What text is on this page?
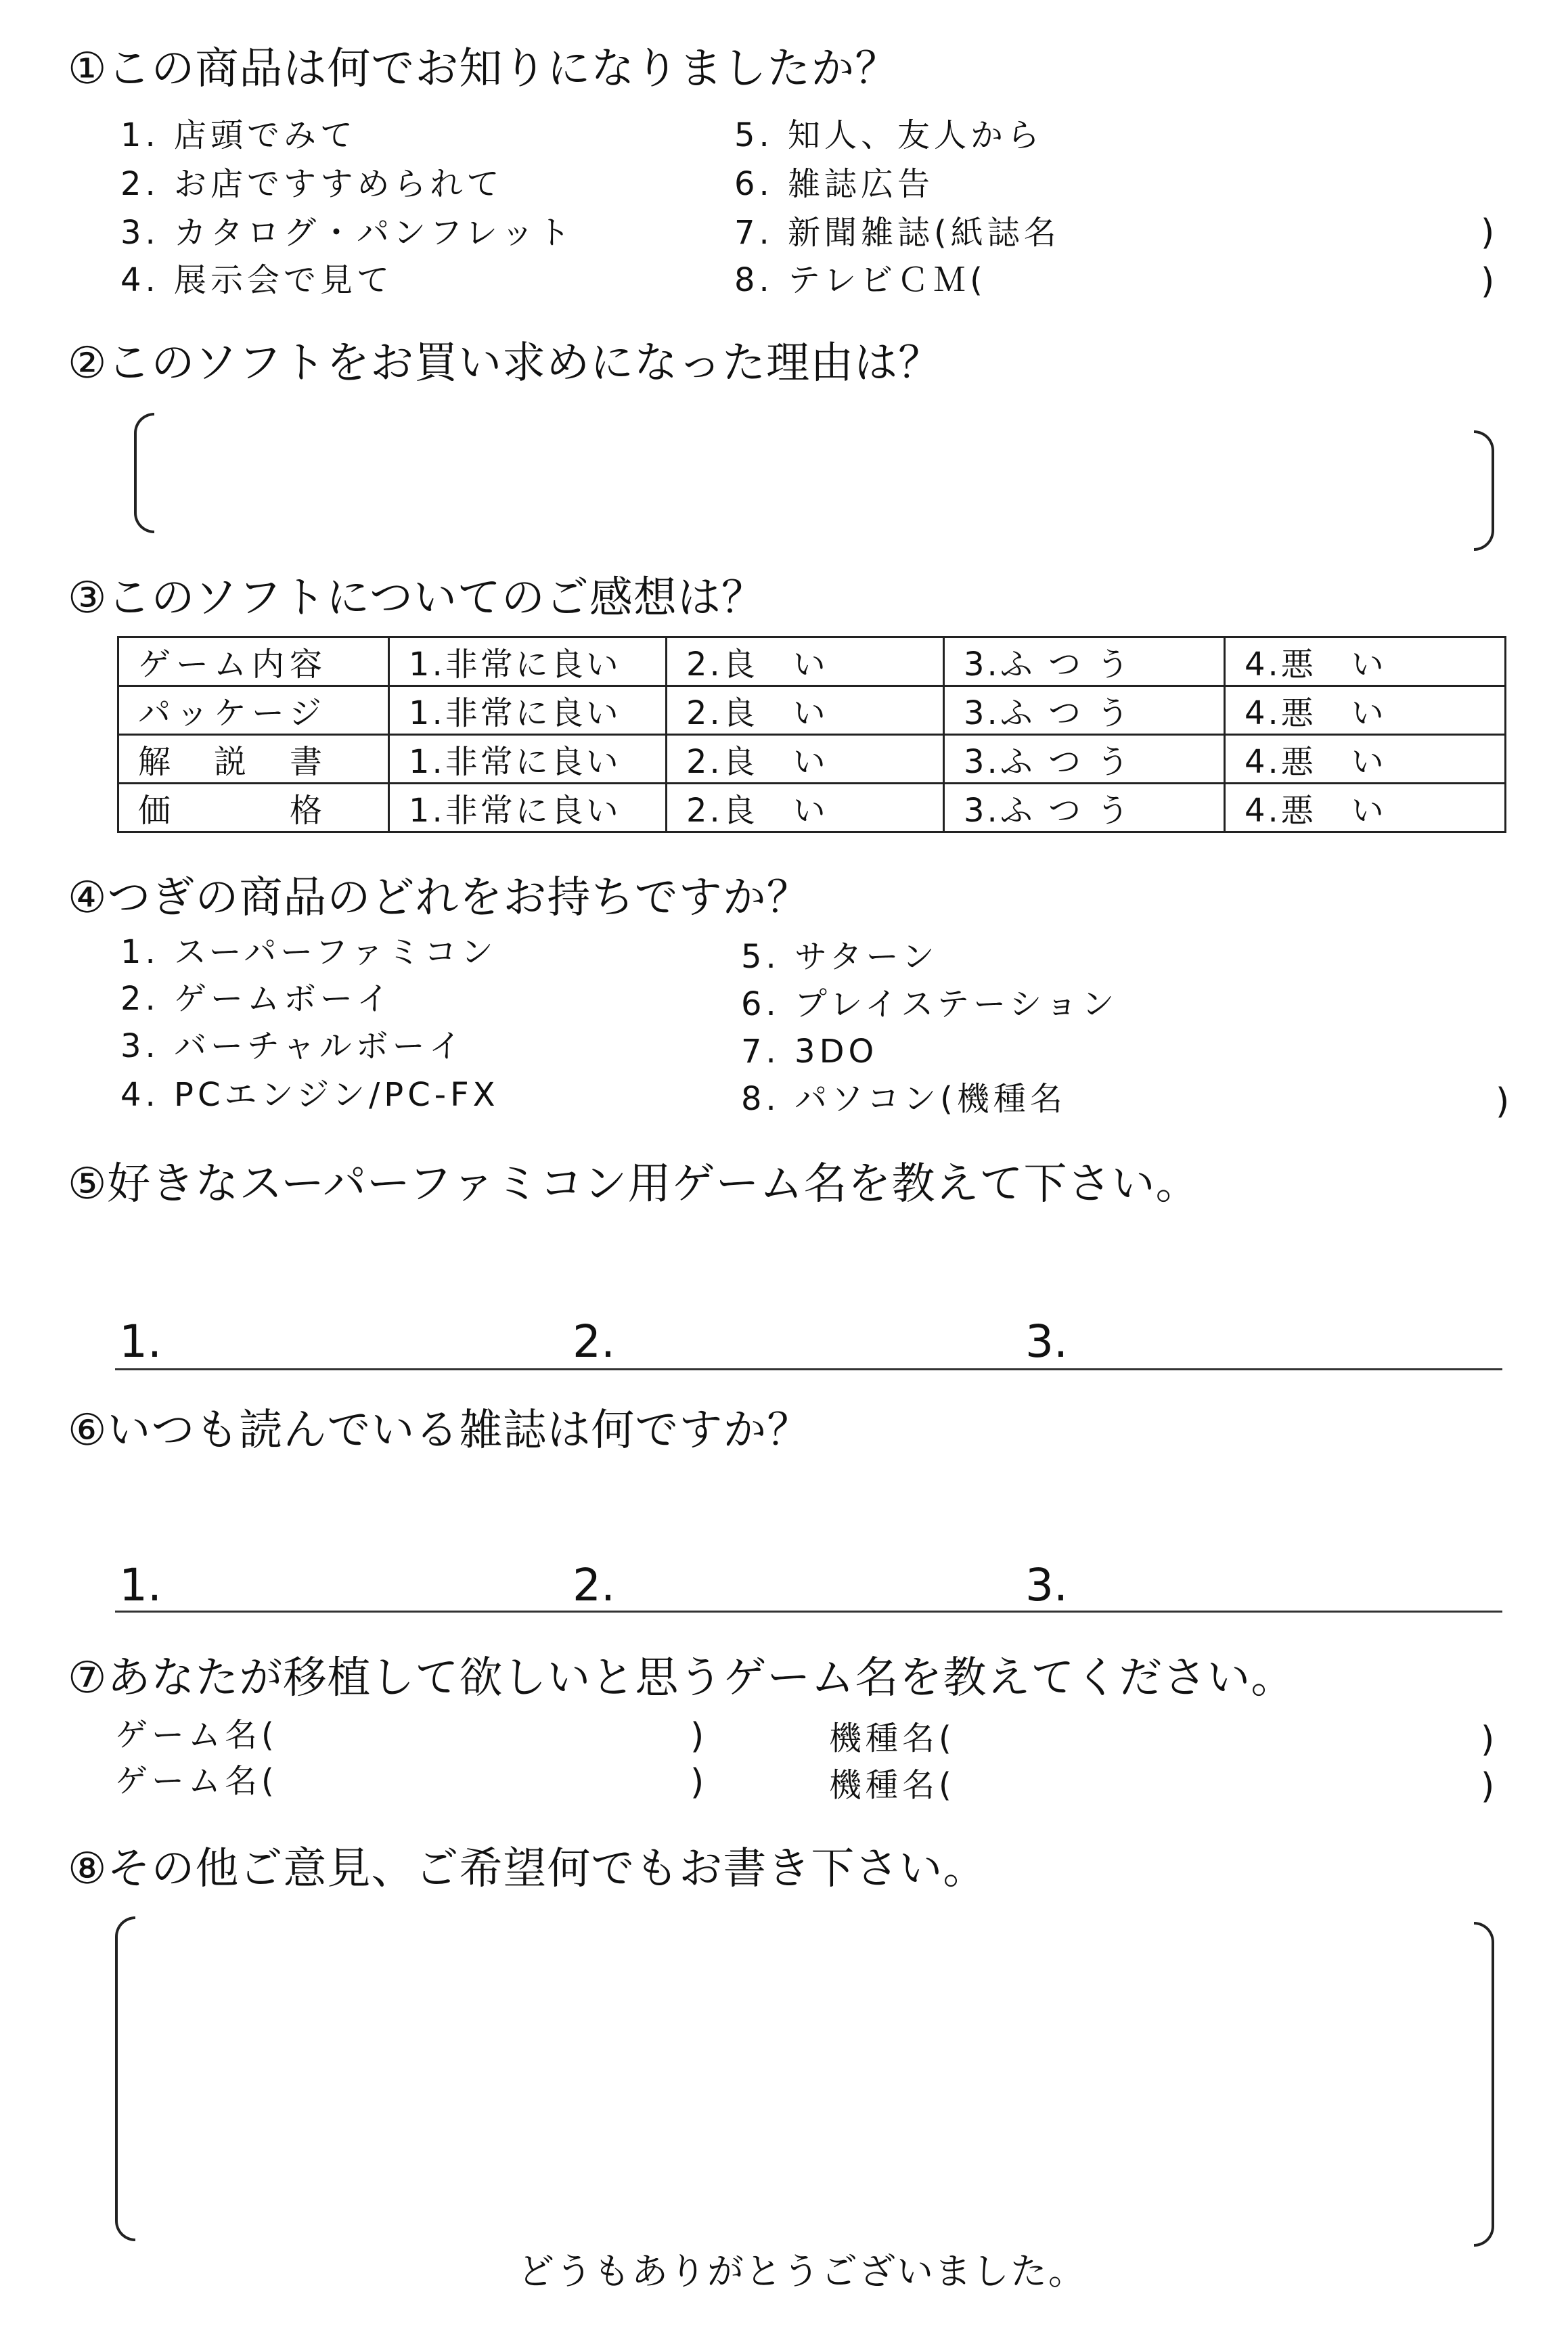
①この商品は何でお知りになりましたか？
1. 店頭でみて
2. お店ですすめられて
3. カタログ・パンフレット
4. 展示会で見て
5. 知人、友人から
6. 雑誌広告
7. 新聞雑誌(紙誌名
8. テレビＣＭ(
)
)
②このソフトをお買い求めになった理由は？
③このソフトについてのご感想は？
ゲーム内容	1.非常に良い	2.良　い	3.ふ つ う	4.悪　い
パッケージ	1.非常に良い	2.良　い	3.ふ つ う	4.悪　い
解　説　書	1.非常に良い	2.良　い	3.ふ つ う	4.悪　い
価　　　格	1.非常に良い	2.良　い	3.ふ つ う	4.悪　い
④つぎの商品のどれをお持ちですか？
1. スーパーファミコン
2. ゲームボーイ
3. バーチャルボーイ
4. PCエンジン/PC-FX
5. サターン
6. プレイステーション
7. 3DO
8. パソコン(機種名	)
⑤好きなスーパーファミコン用ゲーム名を教えて下さい。
1.	2.	3.
⑥いつも読んでいる雑誌は何ですか？
1.	2.	3.
⑦あなたが移植して欲しいと思うゲーム名を教えてください。
ゲーム名(	)	機種名(	)
ゲーム名(	)	機種名(	)
⑧その他ご意見、ご希望何でもお書き下さい。
どうもありがとうございました。
